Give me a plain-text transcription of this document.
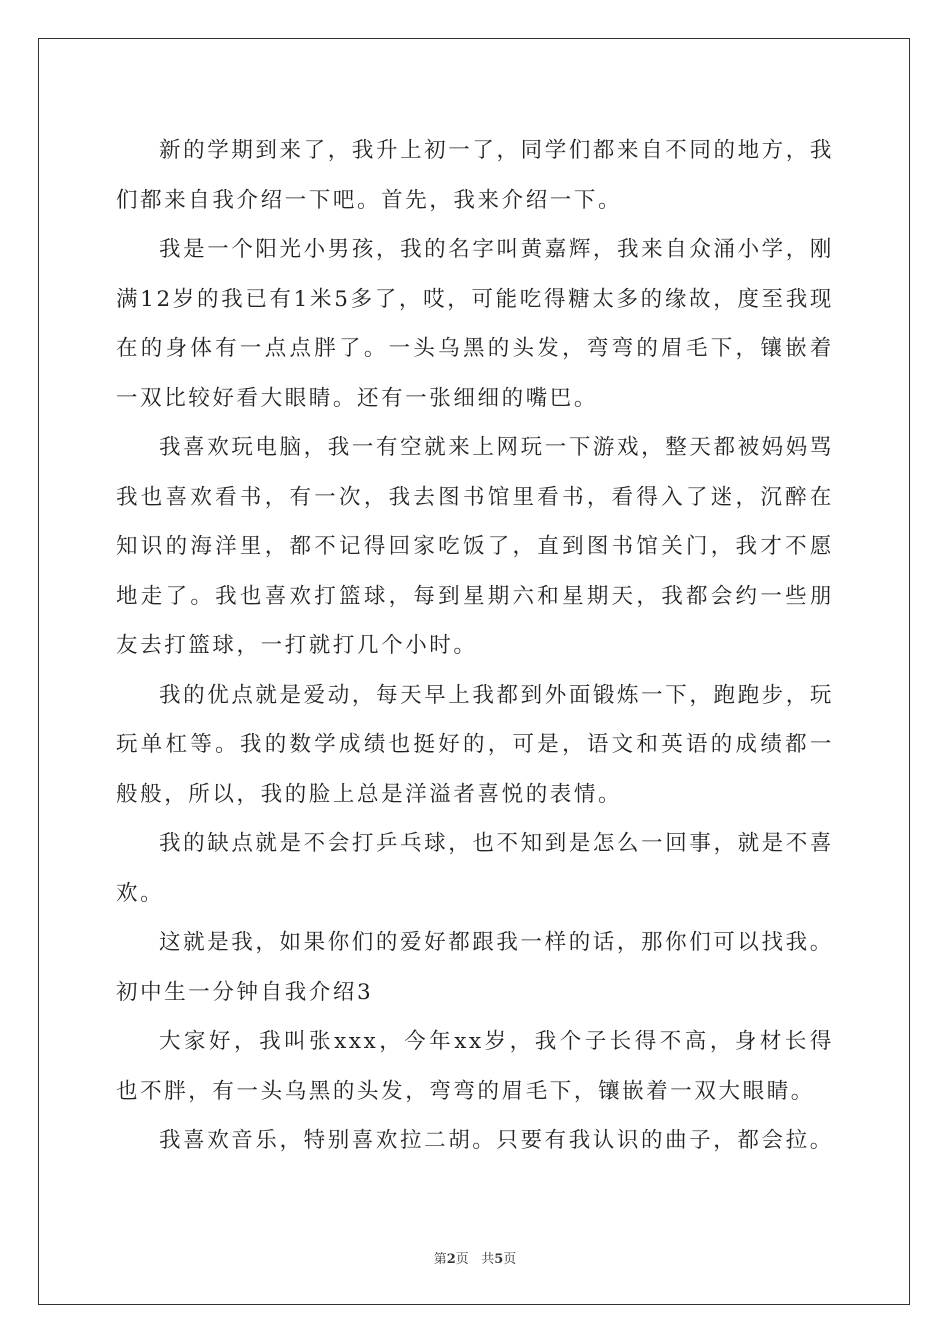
新的学期到来了，我升上初一了，同学们都来自不同的地方，我们都来自我介绍一下吧。首先，我来介绍一下。

我是一个阳光小男孩，我的名字叫黄嘉辉，我来自众涌小学，刚满12岁的我已有1米5多了，哎，可能吃得糖太多的缘故，度至我现在的身体有一点点胖了。一头乌黑的头发，弯弯的眉毛下，镶嵌着一双比较好看大眼睛。还有一张细细的嘴巴。

我喜欢玩电脑，我一有空就来上网玩一下游戏，整天都被妈妈骂我也喜欢看书，有一次，我去图书馆里看书，看得入了迷，沉醉在知识的海洋里，都不记得回家吃饭了，直到图书馆关门，我才不愿地走了。我也喜欢打篮球，每到星期六和星期天，我都会约一些朋友去打篮球，一打就打几个小时。

我的优点就是爱动，每天早上我都到外面锻炼一下，跑跑步，玩玩单杠等。我的数学成绩也挺好的，可是，语文和英语的成绩都一般般，所以，我的脸上总是洋溢者喜悦的表情。

我的缺点就是不会打乒乓球，也不知到是怎么一回事，就是不喜欢。

这就是我，如果你们的爱好都跟我一样的话，那你们可以找我。

初中生一分钟自我介绍3

大家好，我叫张xxx，今年xx岁，我个子长得不高，身材长得也不胖，有一头乌黑的头发，弯弯的眉毛下，镶嵌着一双大眼睛。

我喜欢音乐，特别喜欢拉二胡。只要有我认识的曲子，都会拉。

第2页 共5页
